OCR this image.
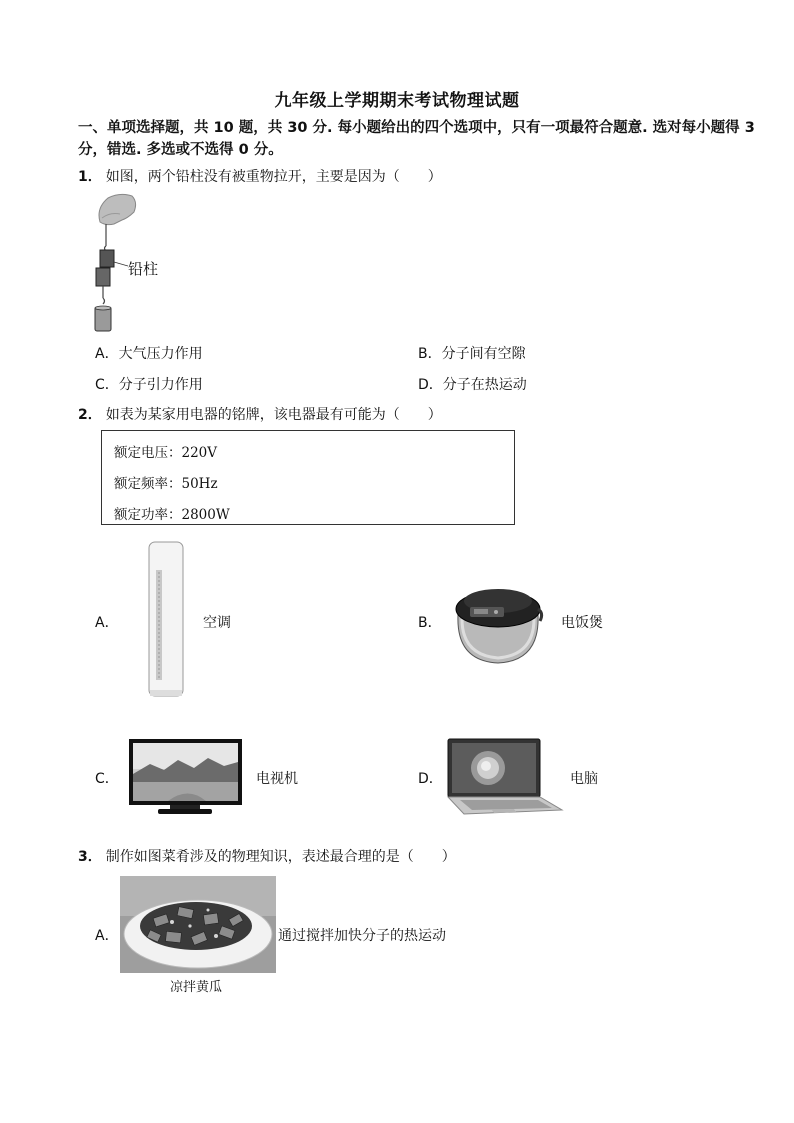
九年级上学期期末考试物理试题
一、单项选择题，共 10 题，共 30 分. 每小题给出的四个选项中，只有一项最符合题意. 选对每小题得 3 分，错选. 多选或不选得 0 分。
1． 如图，两个铅柱没有被重物拉开，主要是因为（　　）
铅柱
A．大气压力作用	B．分子间有空隙
C．分子引力作用	D．分子在热运动
2． 如表为某家用电器的铭牌，该电器最有可能为（　　）
额定电压：220V
额定频率：50Hz
额定功率：2800W
A．	空调	B．	电饭煲
C．	电视机	D．	电脑
3． 制作如图菜肴涉及的物理知识，表述最合理的是（　　）
A．
凉拌黄瓜
通过搅拌加快分子的热运动
